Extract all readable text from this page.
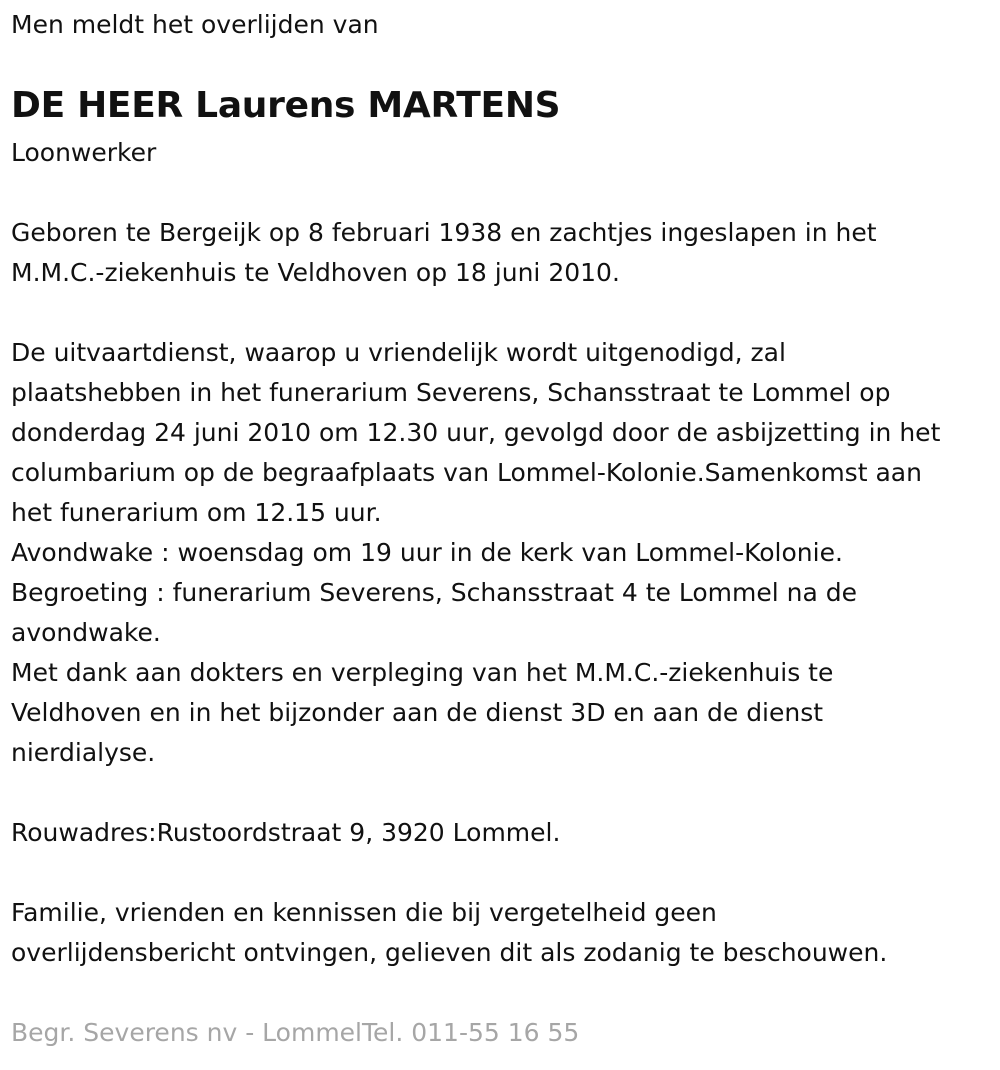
Men meldt het overlijden van
DE HEER Laurens MARTENS
Loonwerker
Geboren te Bergeijk op 8 februari 1938 en zachtjes ingeslapen in het
M.M.C.-ziekenhuis te Veldhoven op 18 juni 2010.
De uitvaartdienst, waarop u vriendelijk wordt uitgenodigd, zal
plaatshebben in het funerarium Severens, Schansstraat te Lommel op
donderdag 24 juni 2010 om 12.30 uur, gevolgd door de asbijzetting in het
columbarium op de begraafplaats van Lommel-Kolonie.Samenkomst aan
het funerarium om 12.15 uur.
Avondwake : woensdag om 19 uur in de kerk van Lommel-Kolonie.
Begroeting : funerarium Severens, Schansstraat 4 te Lommel na de
avondwake.
Met dank aan dokters en verpleging van het M.M.C.-ziekenhuis te
Veldhoven en in het bijzonder aan de dienst 3D en aan de dienst
nierdialyse.
Rouwadres:Rustoordstraat 9, 3920 Lommel.
Familie, vrienden en kennissen die bij vergetelheid geen
overlijdensbericht ontvingen, gelieven dit als zodanig te beschouwen.
Begr. Severens nv - LommelTel. 011-55 16 55
